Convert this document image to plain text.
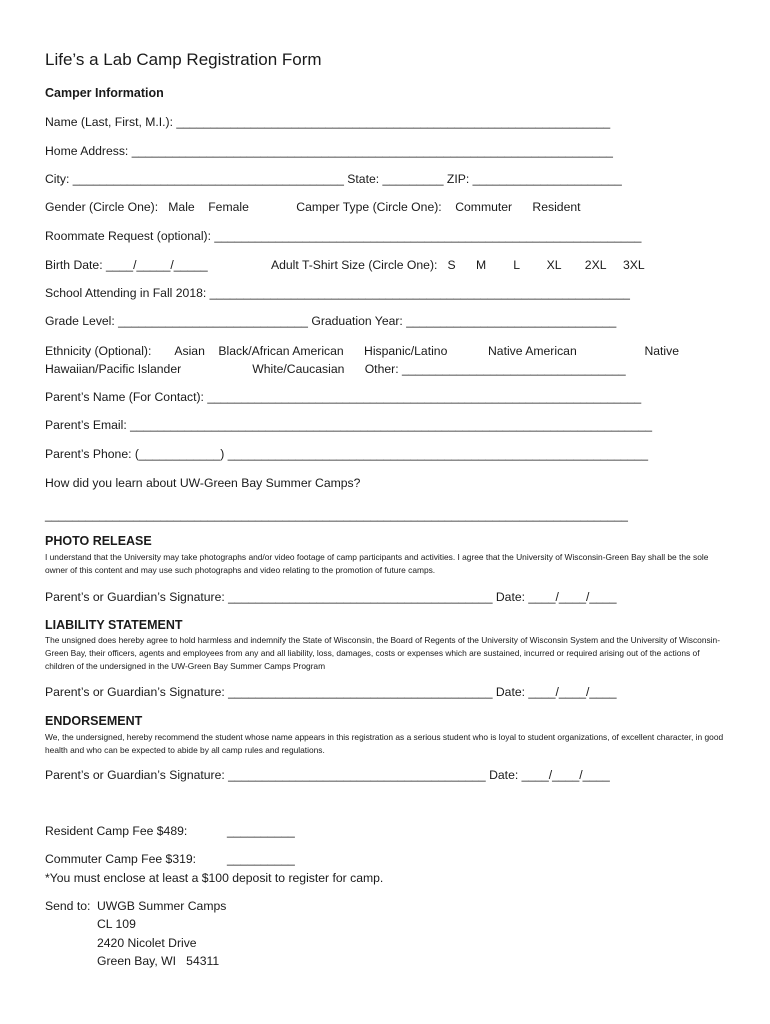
Life’s a Lab Camp Registration Form
Camper Information
Name (Last, First, M.I.): ________________________________________________________________
Home Address: _______________________________________________________________________
City: ________________________________________ State: _________ ZIP: ______________________
Gender (Circle One):   Male    Female              Camper Type (Circle One):    Commuter      Resident
Roommate Request (optional): _______________________________________________________________
Birth Date: ____/_____/_____	Adult T-Shirt Size (Circle One):   S      M        L        XL       2XL     3XL
School Attending in Fall 2018: ______________________________________________________________
Grade Level: ____________________________ Graduation Year: _______________________________
Ethnicity (Optional):       Asian    Black/African American      Hispanic/Latino            Native American                    Native
Hawaiian/Pacific Islander                     White/Caucasian      Other: _________________________________
Parent’s Name (For Contact): ________________________________________________________________
Parent’s Email: _____________________________________________________________________________
Parent’s Phone: (____________) ______________________________________________________________
How did you learn about UW-Green Bay Summer Camps?
______________________________________________________________________________________
PHOTO RELEASE
I understand that the University may take photographs and/or video footage of camp participants and activities. I agree that the University of Wisconsin-Green Bay shall be the sole owner of this content and may use such photographs and video relating to the promotion of future camps.
Parent’s or Guardian’s Signature: _______________________________________ Date: ____/____/____
LIABILITY STATEMENT
The unsigned does hereby agree to hold harmless and indemnify the State of Wisconsin, the Board of Regents of the University of Wisconsin System and the University of Wisconsin-Green Bay, their officers, agents and employees from any and all liability, loss, damages, costs or expenses which are sustained, incurred or required arising out of the actions of children of the undersigned in the UW-Green Bay Summer Camps Program
Parent’s or Guardian’s Signature: _______________________________________ Date: ____/____/____
ENDORSEMENT
We, the undersigned, hereby recommend the student whose name appears in this registration as a serious student who is loyal to student organizations, of excellent character, in good health and who can be expected to abide by all camp rules and regulations.
Parent’s or Guardian’s Signature: ______________________________________ Date: ____/____/____
Resident Camp Fee $489:	__________
Commuter Camp Fee $319:	__________
*You must enclose at least a $100 deposit to register for camp.
Send to: UWGB Summer Camps
CL 109
2420 Nicolet Drive
Green Bay, WI   54311
